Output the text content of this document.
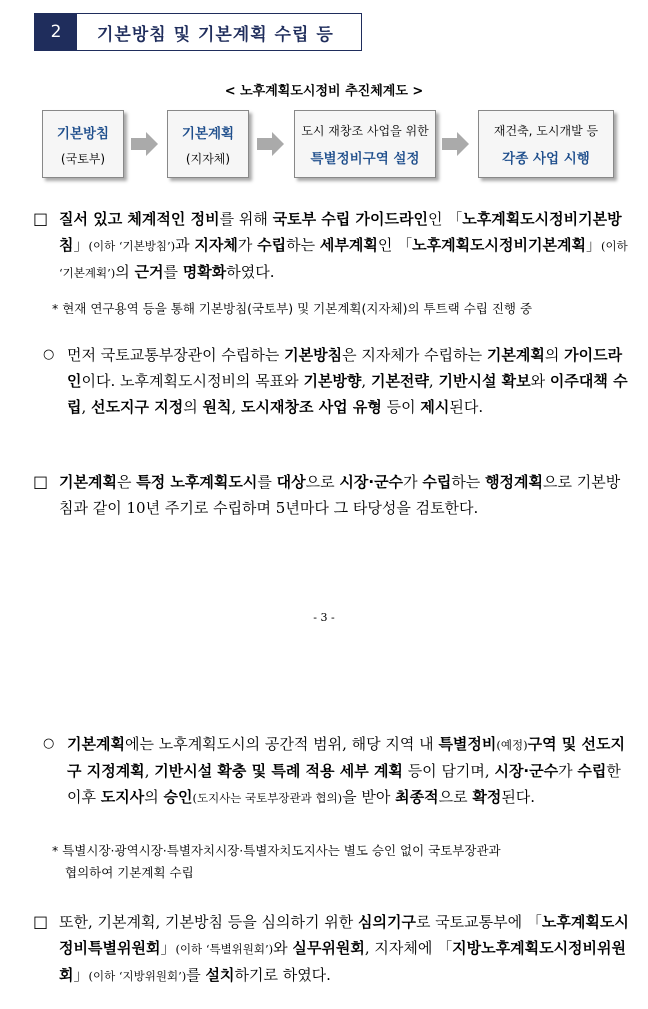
2	기본방침 및 기본계획 수립 등
< 노후계획도시정비 추진체계도 >
기본방침
(국토부)
기본계획
(지자체)
도시 재창조 사업을 위한
특별정비구역 설정
재건축, 도시개발 등
각종 사업 시행
□ 질서 있고 체계적인 정비를 위해 국토부 수립 가이드라인인 「노후계획도시정비기본방침」(이하 ‘기본방침’)과 지자체가 수립하는 세부계획인 「노후계획도시정비기본계획」(이하 ‘기본계획’)의 근거를 명확화하였다.
* 현재 연구용역 등을 통해 기본방침(국토부) 및 기본계획(지자체)의 투트랙 수립 진행 중
○ 먼저 국토교통부장관이 수립하는 기본방침은 지자체가 수립하는 기본계획의 가이드라인이다. 노후계획도시정비의 목표와 기본방향, 기본전략, 기반시설 확보와 이주대책 수립, 선도지구 지정의 원칙, 도시재창조 사업 유형 등이 제시된다.
□ 기본계획은 특정 노후계획도시를 대상으로 시장·군수가 수립하는 행정계획으로 기본방침과 같이 10년 주기로 수립하며 5년마다 그 타당성을 검토한다.
- 3 -
○ 기본계획에는 노후계획도시의 공간적 범위, 해당 지역 내 특별정비(예정)구역 및 선도지구 지정계획, 기반시설 확충 및 특례 적용 세부 계획 등이 담기며, 시장·군수가 수립한 이후 도지사의 승인(도지사는 국토부장관과 협의)을 받아 최종적으로 확정된다.
* 특별시장·광역시장·특별자치시장·특별자치도지사는 별도 승인 없이 국토부장관과
협의하여 기본계획 수립
□ 또한, 기본계획, 기본방침 등을 심의하기 위한 심의기구로 국토교통부에 「노후계획도시정비특별위원회」(이하 ‘특별위원회’)와 실무위원회, 지자체에 「지방노후계획도시정비위원회」(이하 ‘지방위원회’)를 설치하기로 하였다.
